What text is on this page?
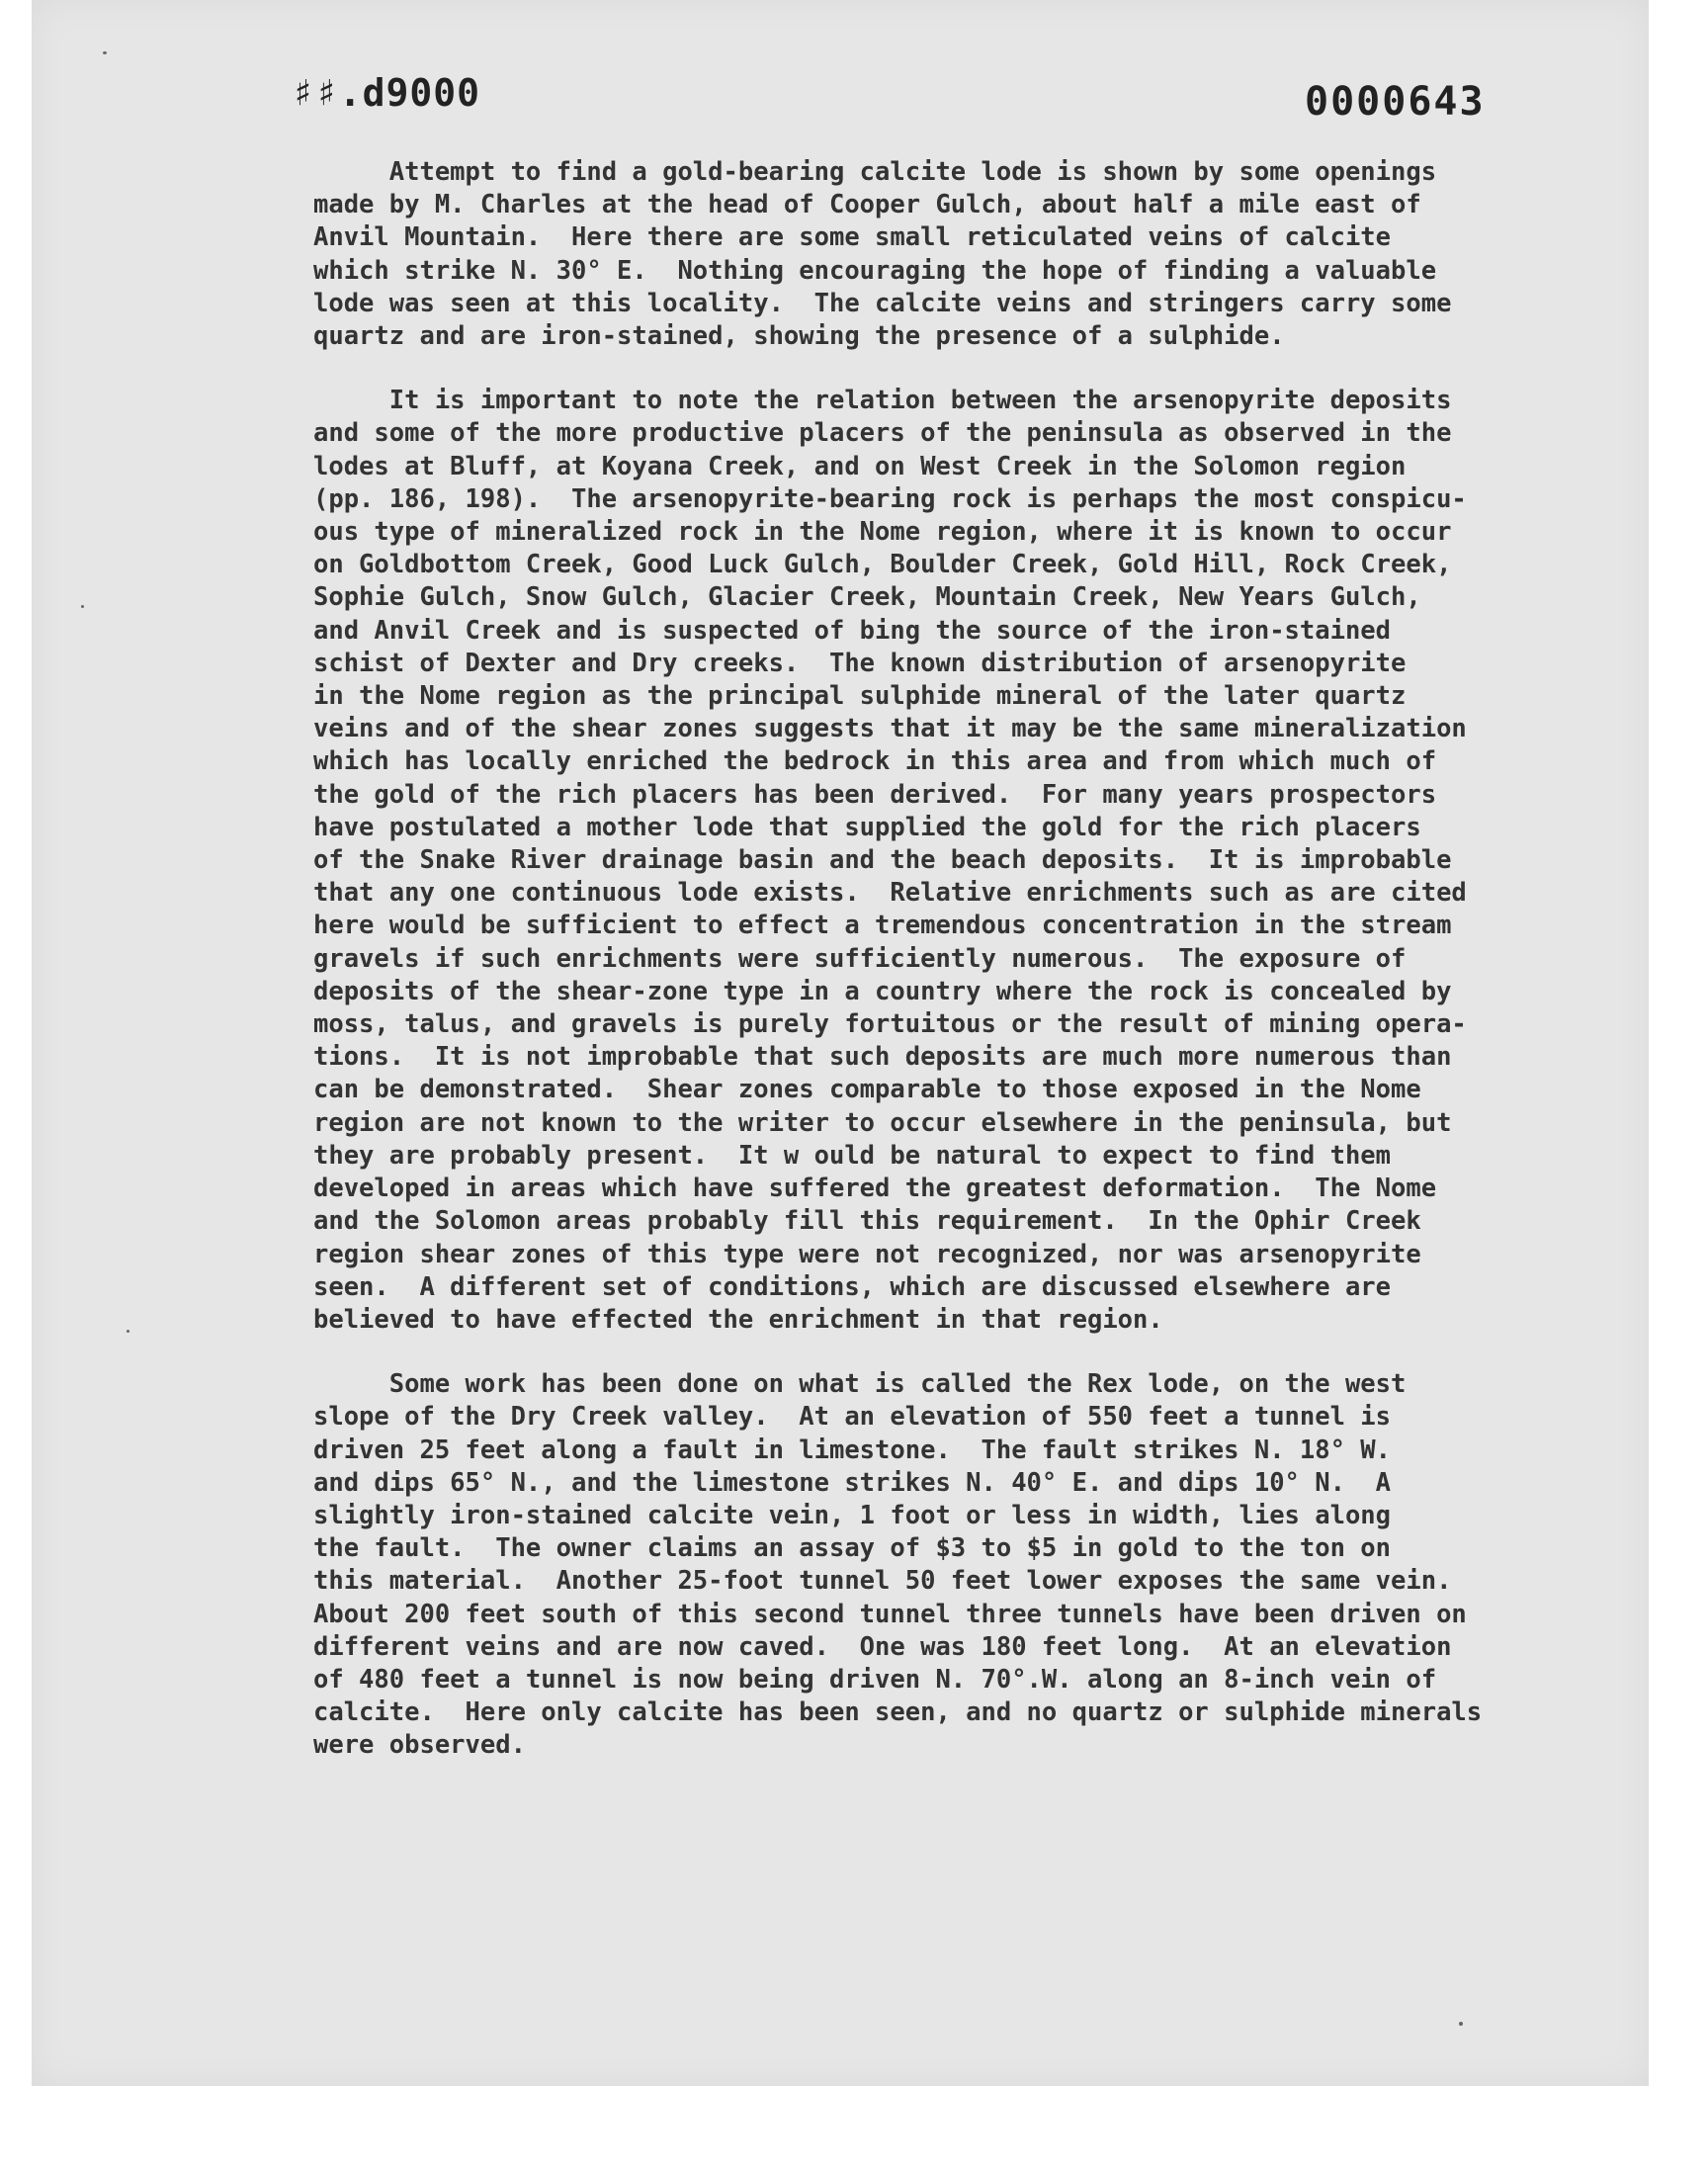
♯♯.d9000	0000643
Attempt to find a gold-bearing calcite lode is shown by some openings
made by M. Charles at the head of Cooper Gulch, about half a mile east of
Anvil Mountain.  Here there are some small reticulated veins of calcite
which strike N. 30° E.  Nothing encouraging the hope of finding a valuable
lode was seen at this locality.  The calcite veins and stringers carry some
quartz and are iron-stained, showing the presence of a sulphide.
It is important to note the relation between the arsenopyrite deposits
and some of the more productive placers of the peninsula as observed in the
lodes at Bluff, at Koyana Creek, and on West Creek in the Solomon region
(pp. 186, 198).  The arsenopyrite-bearing rock is perhaps the most conspicu-
ous type of mineralized rock in the Nome region, where it is known to occur
on Goldbottom Creek, Good Luck Gulch, Boulder Creek, Gold Hill, Rock Creek,
Sophie Gulch, Snow Gulch, Glacier Creek, Mountain Creek, New Years Gulch,
and Anvil Creek and is suspected of bing the source of the iron-stained
schist of Dexter and Dry creeks.  The known distribution of arsenopyrite
in the Nome region as the principal sulphide mineral of the later quartz
veins and of the shear zones suggests that it may be the same mineralization
which has locally enriched the bedrock in this area and from which much of
the gold of the rich placers has been derived.  For many years prospectors
have postulated a mother lode that supplied the gold for the rich placers
of the Snake River drainage basin and the beach deposits.  It is improbable
that any one continuous lode exists.  Relative enrichments such as are cited
here would be sufficient to effect a tremendous concentration in the stream
gravels if such enrichments were sufficiently numerous.  The exposure of
deposits of the shear-zone type in a country where the rock is concealed by
moss, talus, and gravels is purely fortuitous or the result of mining opera-
tions.  It is not improbable that such deposits are much more numerous than
can be demonstrated.  Shear zones comparable to those exposed in the Nome
region are not known to the writer to occur elsewhere in the peninsula, but
they are probably present.  It w ould be natural to expect to find them
developed in areas which have suffered the greatest deformation.  The Nome
and the Solomon areas probably fill this requirement.  In the Ophir Creek
region shear zones of this type were not recognized, nor was arsenopyrite
seen.  A different set of conditions, which are discussed elsewhere are
believed to have effected the enrichment in that region.
Some work has been done on what is called the Rex lode, on the west
slope of the Dry Creek valley.  At an elevation of 550 feet a tunnel is
driven 25 feet along a fault in limestone.  The fault strikes N. 18° W.
and dips 65° N., and the limestone strikes N. 40° E. and dips 10° N.  A
slightly iron-stained calcite vein, 1 foot or less in width, lies along
the fault.  The owner claims an assay of $3 to $5 in gold to the ton on
this material.  Another 25-foot tunnel 50 feet lower exposes the same vein.
About 200 feet south of this second tunnel three tunnels have been driven on
different veins and are now caved.  One was 180 feet long.  At an elevation
of 480 feet a tunnel is now being driven N. 70°.W. along an 8-inch vein of
calcite.  Here only calcite has been seen, and no quartz or sulphide minerals
were observed.
